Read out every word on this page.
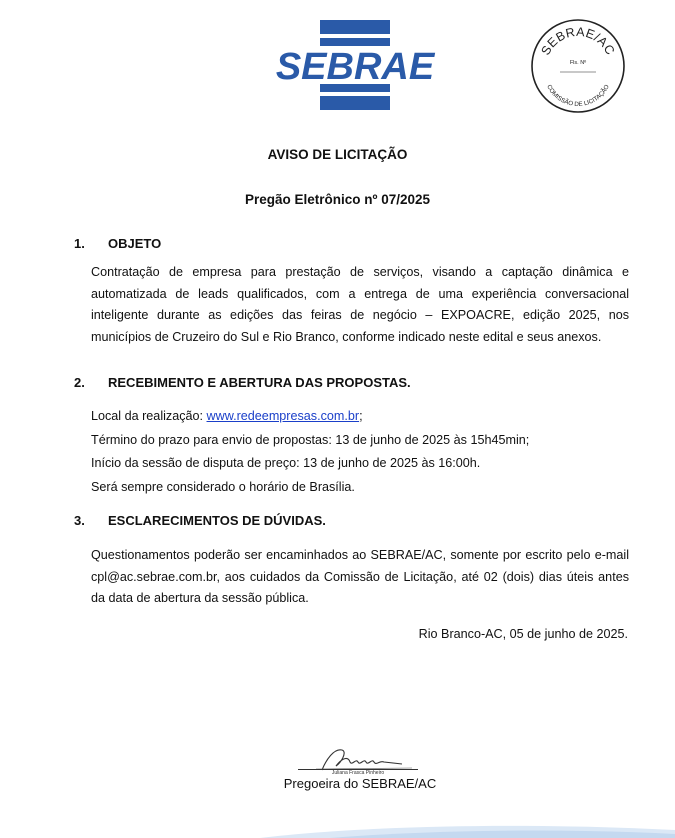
SEBRAE	SEBRAE/AC
Fls. Nº
COMISSÃO DE LICITAÇÃO
AVISO DE LICITAÇÃO
Pregão Eletrônico nº 07/2025
1. OBJETO
Contratação de empresa para prestação de serviços, visando a captação dinâmica e automatizada de leads qualificados, com a entrega de uma experiência conversacional inteligente durante as edições das feiras de negócio – EXPOACRE, edição 2025, nos municípios de Cruzeiro do Sul e Rio Branco, conforme indicado neste edital e seus anexos.
2. RECEBIMENTO E ABERTURA DAS PROPOSTAS.
Local da realização: www.redeempresas.com.br;
Término do prazo para envio de propostas: 13 de junho de 2025 às 15h45min;
Início da sessão de disputa de preço: 13 de junho de 2025 às 16:00h.
Será sempre considerado o horário de Brasília.
3. ESCLARECIMENTOS DE DÚVIDAS.
Questionamentos poderão ser encaminhados ao SEBRAE/AC, somente por escrito pelo e-mail cpl@ac.sebrae.com.br, aos cuidados da Comissão de Licitação, até 02 (dois) dias úteis antes da data de abertura da sessão pública.
Rio Branco-AC, 05 de junho de 2025.
Juliana Frasca Pinheiro
Pregoeira do SEBRAE/AC
